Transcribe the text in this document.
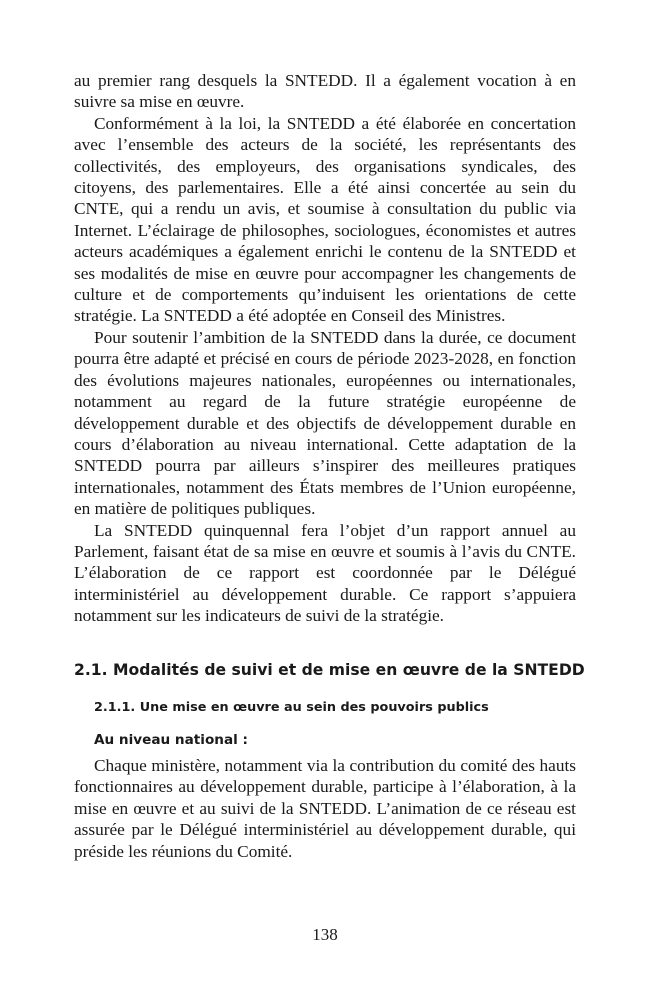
au premier rang desquels la SNTEDD. Il a également vocation à en suivre sa mise en œuvre.

Conformément à la loi, la SNTEDD a été élaborée en concertation avec l’ensemble des acteurs de la société, les représentants des collectivités, des employeurs, des organisations syndicales, des citoyens, des parlementaires. Elle a été ainsi concertée au sein du CNTE, qui a rendu un avis, et soumise à consultation du public via Internet. L’éclairage de philosophes, sociologues, économistes et autres acteurs académiques a également enrichi le contenu de la SNTEDD et ses modalités de mise en œuvre pour accompagner les changements de culture et de comportements qu’induisent les orientations de cette stratégie. La SNTEDD a été adoptée en Conseil des Ministres.

Pour soutenir l’ambition de la SNTEDD dans la durée, ce document pourra être adapté et précisé en cours de période 2023-2028, en fonction des évolutions majeures nationales, européennes ou internationales, notamment au regard de la future stratégie européenne de développement durable et des objectifs de développement durable en cours d’élaboration au niveau international. Cette adaptation de la SNTEDD pourra par ailleurs s’inspirer des meilleures pratiques internationales, notamment des États membres de l’Union européenne, en matière de politiques publiques.

La SNTEDD quinquennal fera l’objet d’un rapport annuel au Parlement, faisant état de sa mise en œuvre et soumis à l’avis du CNTE. L’élaboration de ce rapport est coordonnée par le Délégué interministériel au développement durable. Ce rapport s’appuiera notamment sur les indicateurs de suivi de la stratégie.

2.1. Modalités de suivi et de mise en œuvre de la SNTEDD
2.1.1. Une mise en œuvre au sein des pouvoirs publics
Au niveau national :

Chaque ministère, notamment via la contribution du comité des hauts fonctionnaires au développement durable, participe à l’élaboration, à la mise en œuvre et au suivi de la SNTEDD. L’animation de ce réseau est assurée par le Délégué interministériel au développement durable, qui préside les réunions du Comité.

138
